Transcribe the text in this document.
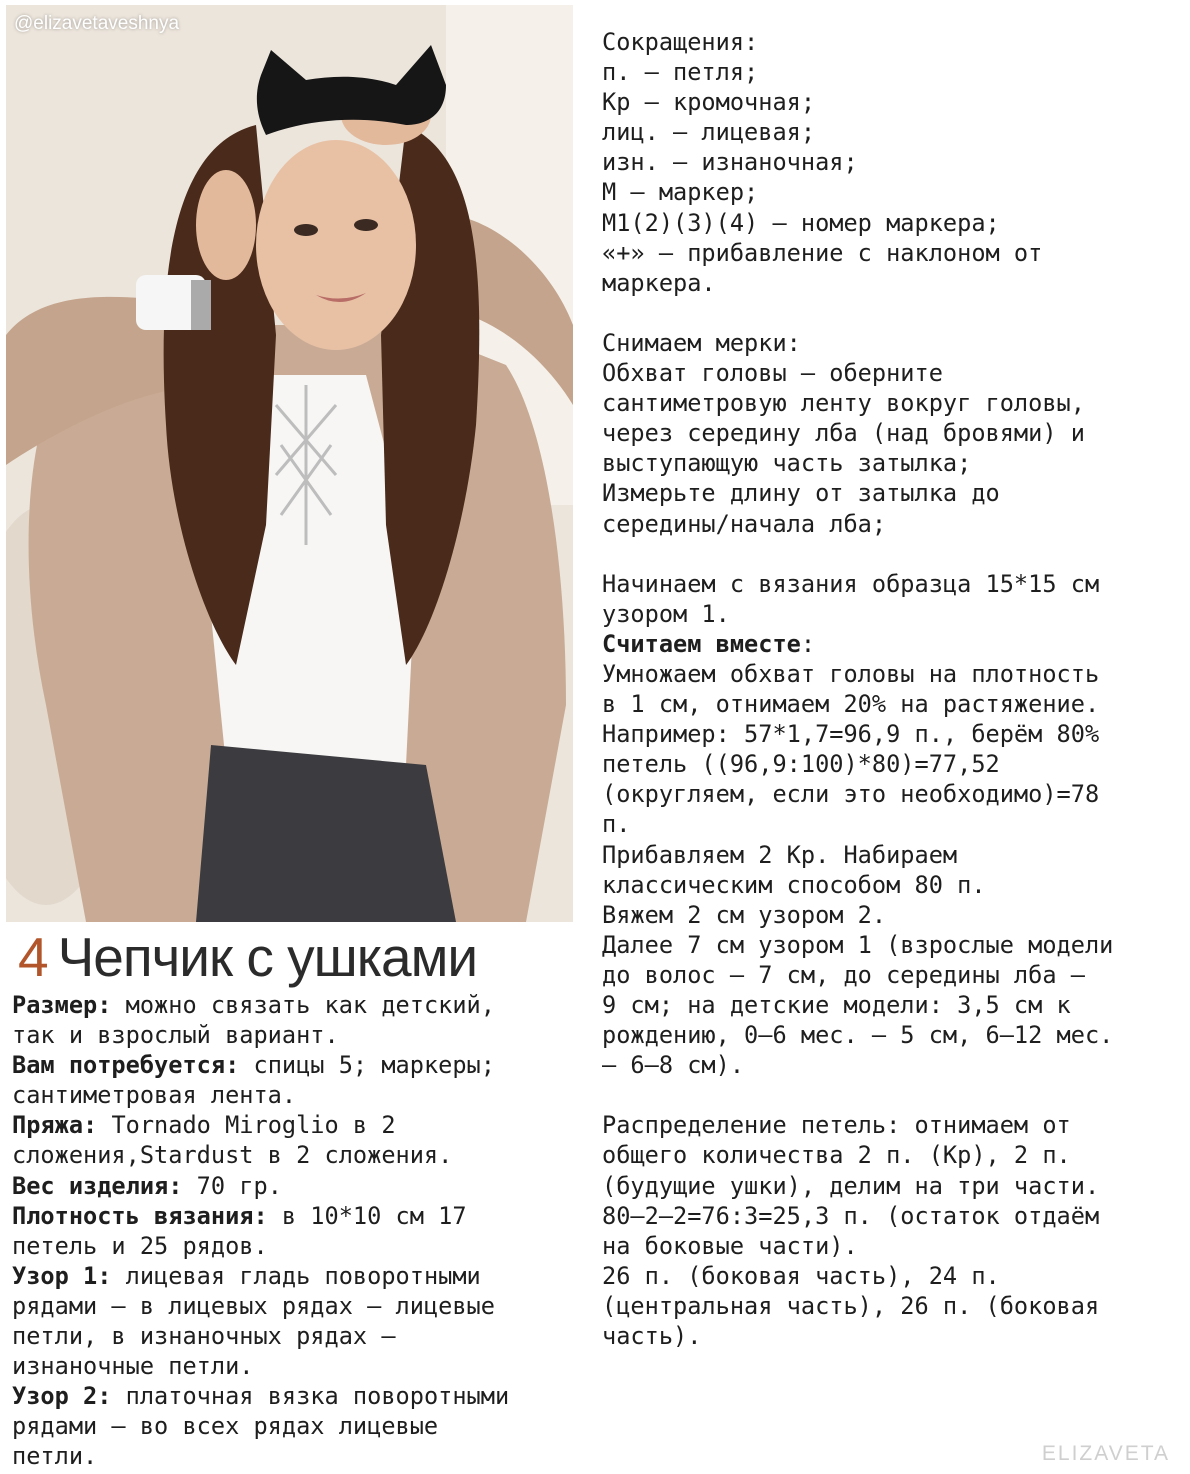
@elizavetaveshnya
4 Чепчик с ушками

Размер: можно связать как детский,

так и взрослый вариант.

Вам потребуется: спицы 5; маркеры;

сантиметровая лента.

Пряжа: Tornado Miroglio в 2

сложения,Stardust в 2 сложения.

Вес изделия: 70 гр.

Плотность вязания: в 10*10 см 17

петель и 25 рядов.

Узор 1: лицевая гладь поворотными

рядами – в лицевых рядах – лицевые

петли, в изнаночных рядах –

изнаночные петли.

Узор 2: платочная вязка поворотными

рядами – во всех рядах лицевые

петли.

Сокращения:

п. – петля;

Кр – кромочная;

лиц. – лицевая;

изн. – изнаночная;

М – маркер;

М1(2)(3)(4) – номер маркера;

«+» – прибавление с наклоном от

маркера.

Снимаем мерки:

Обхват головы – оберните

сантиметровую ленту вокруг головы,

через середину лба (над бровями) и

выступающую часть затылка;

Измерьте длину от затылка до

середины/начала лба;

Начинаем с вязания образца 15*15 см

узором 1.

Считаем вместе:

Умножаем обхват головы на плотность

в 1 см, отнимаем 20% на растяжение.

Например: 57*1,7=96,9 п., берём 80%

петель ((96,9:100)*80)=77,52

(округляем, если это необходимо)=78

п.

Прибавляем 2 Кр. Набираем

классическим способом 80 п.

Вяжем 2 см узором 2.

Далее 7 см узором 1 (взрослые модели

до волос – 7 см, до середины лба –

9 см; на детские модели: 3,5 см к

рождению, 0–6 мес. – 5 см, 6–12 мес.

– 6–8 см).

Распределение петель: отнимаем от

общего количества 2 п. (Кр), 2 п.

(будущие ушки), делим на три части.

80–2–2=76:3=25,3 п. (остаток отдаём

на боковые части).

26 п. (боковая часть), 24 п.

(центральная часть), 26 п. (боковая

часть).

ELIZAVETA
